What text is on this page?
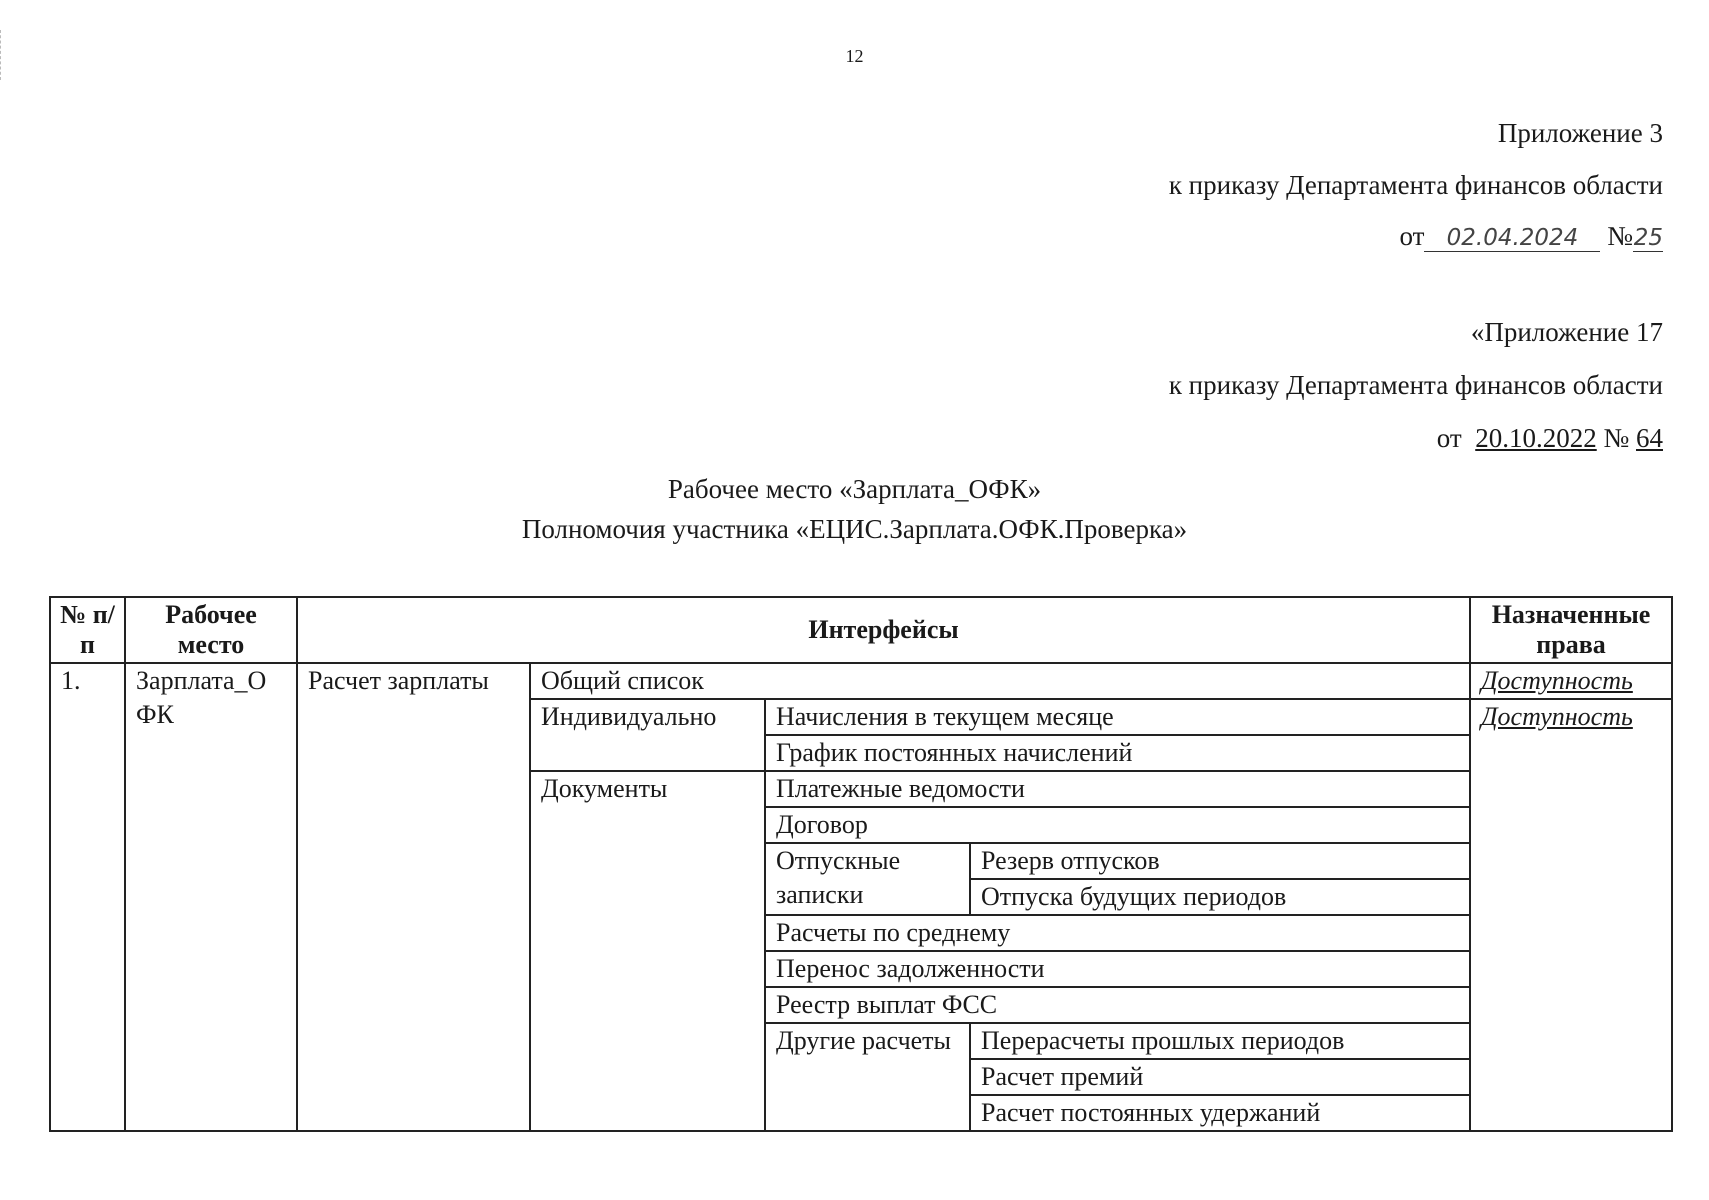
12
Приложение 3
к приказу Департамента финансов области
от 02.04.2024 №25
«Приложение 17
к приказу Департамента финансов области
от 20.10.2022 № 64
Рабочее место «Зарплата_ОФК»
Полномочия участника «ЕЦИС.Зарплата.ОФК.Проверка»
№ п/п	Рабочее место	Интерфейсы				Назначенные права
1.	Зарплата_ОФК	Расчет зарплаты	Общий список			Доступность
			Индивидуально	Начисления в текущем месяце		Доступность
				График постоянных начислений		
			Документы	Платежные ведомости		
				Договор		
				Отпускные записки	Резерв отпусков	
					Отпуска будущих периодов	
				Расчеты по среднему		
				Перенос задолженности		
				Реестр выплат ФСС		
				Другие расчеты	Перерасчеты прошлых периодов	
					Расчет премий	
					Расчет постоянных удержаний	
